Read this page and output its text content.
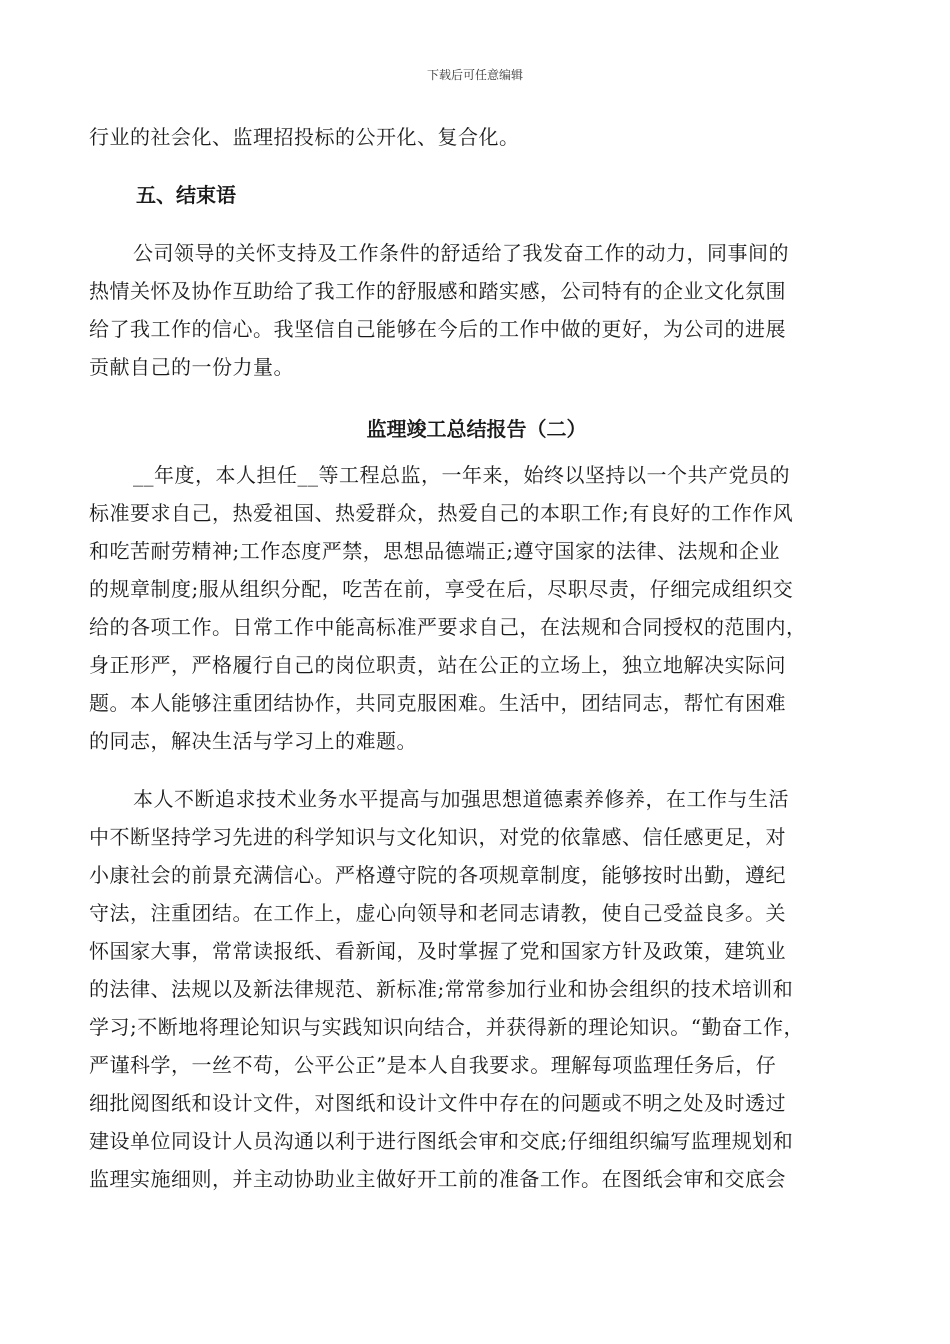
下载后可任意编辑
行业的社会化、监理招投标的公开化、复合化。
五、结束语
公司领导的关怀支持及工作条件的舒适给了我发奋工作的动力，同事间的
热情关怀及协作互助给了我工作的舒服感和踏实感，公司特有的企业文化氛围
给了我工作的信心。我坚信自己能够在今后的工作中做的更好，为公司的进展
贡献自己的一份力量。
监理竣工总结报告（二）
__年度，本人担任__等工程总监，一年来，始终以坚持以一个共产党员的
标准要求自己，热爱祖国、热爱群众，热爱自己的本职工作;有良好的工作作风
和吃苦耐劳精神;工作态度严禁，思想品德端正;遵守国家的法律、法规和企业
的规章制度;服从组织分配，吃苦在前，享受在后，尽职尽责，仔细完成组织交
给的各项工作。日常工作中能高标准严要求自己，在法规和合同授权的范围内，
身正形严，严格履行自己的岗位职责，站在公正的立场上，独立地解决实际问
题。本人能够注重团结协作，共同克服困难。生活中，团结同志，帮忙有困难
的同志，解决生活与学习上的难题。
本人不断追求技术业务水平提高与加强思想道德素养修养，在工作与生活
中不断坚持学习先进的科学知识与文化知识，对党的依靠感、信任感更足，对
小康社会的前景充满信心。严格遵守院的各项规章制度，能够按时出勤，遵纪
守法，注重团结。在工作上，虚心向领导和老同志请教，使自己受益良多。关
怀国家大事，常常读报纸、看新闻，及时掌握了党和国家方针及政策，建筑业
的法律、法规以及新法律规范、新标准;常常参加行业和协会组织的技术培训和
学习;不断地将理论知识与实践知识向结合，并获得新的理论知识。“勤奋工作，
严谨科学，一丝不苟，公平公正”是本人自我要求。理解每项监理任务后，仔
细批阅图纸和设计文件，对图纸和设计文件中存在的问题或不明之处及时透过
建设单位同设计人员沟通以利于进行图纸会审和交底;仔细组织编写监理规划和
监理实施细则，并主动协助业主做好开工前的准备工作。在图纸会审和交底会
